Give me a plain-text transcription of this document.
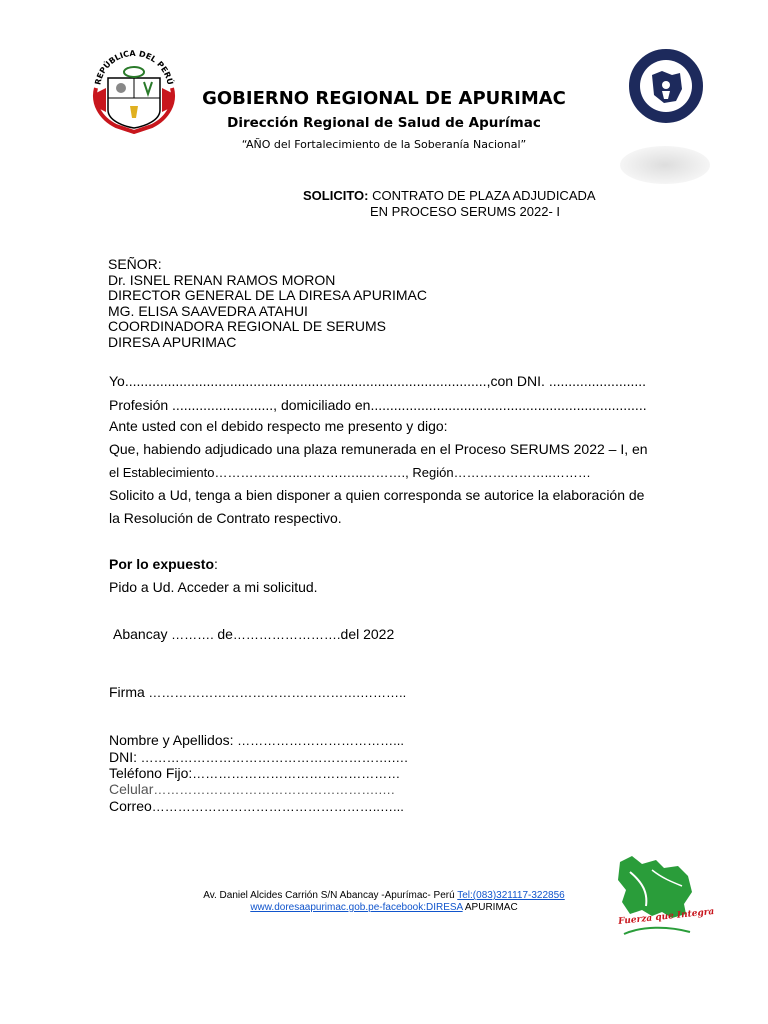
REPÚBLICA DEL PERÚ
GOBIERNO REGIONAL DE APURIMAC
Dirección Regional de Salud de Apurímac
“AÑO del Fortalecimiento de la Soberanía Nacional”
SOLICITO: CONTRATO DE PLAZA ADJUDICADA
EN PROCESO SERUMS 2022- I
SEÑOR:
Dr. ISNEL RENAN RAMOS MORON
DIRECTOR GENERAL DE LA DIRESA APURIMAC
MG. ELISA SAAVEDRA ATAHUI
COORDINADORA REGIONAL DE SERUMS
DIRESA APURIMAC
Yo.............................................................................................,con DNI. .........................
Profesión .........................., domiciliado en.......................................................................
Ante usted con el debido respecto me presento y digo:
Que, habiendo adjudicado una plaza remunerada en el Proceso SERUMS 2022 – I, en
el Establecimiento………………..……….…..………., Región…………………..………
Solicito a Ud, tenga a bien disponer a quien corresponda se autorice la elaboración de
la Resolución de Contrato respectivo.
Por lo expuesto:
Pido a Ud. Acceder a mi solicitud.
Abancay ………. de…………………….del 2022
Firma ………………………………………….………..
Nombre y Apellidos: ………………………………...
DNI: ………………………………………………….….
Teléfono Fijo:…………………………………………
Celular…………………………………………….….
Correo……………………………………………..…...
Av. Daniel Alcides Carrión S/N Abancay -Apurímac- Perú Tel:(083)321117-322856
www.doresaapurimac.gob.pe-facebook:DIRESA APURIMAC	Fuerza que Integra
